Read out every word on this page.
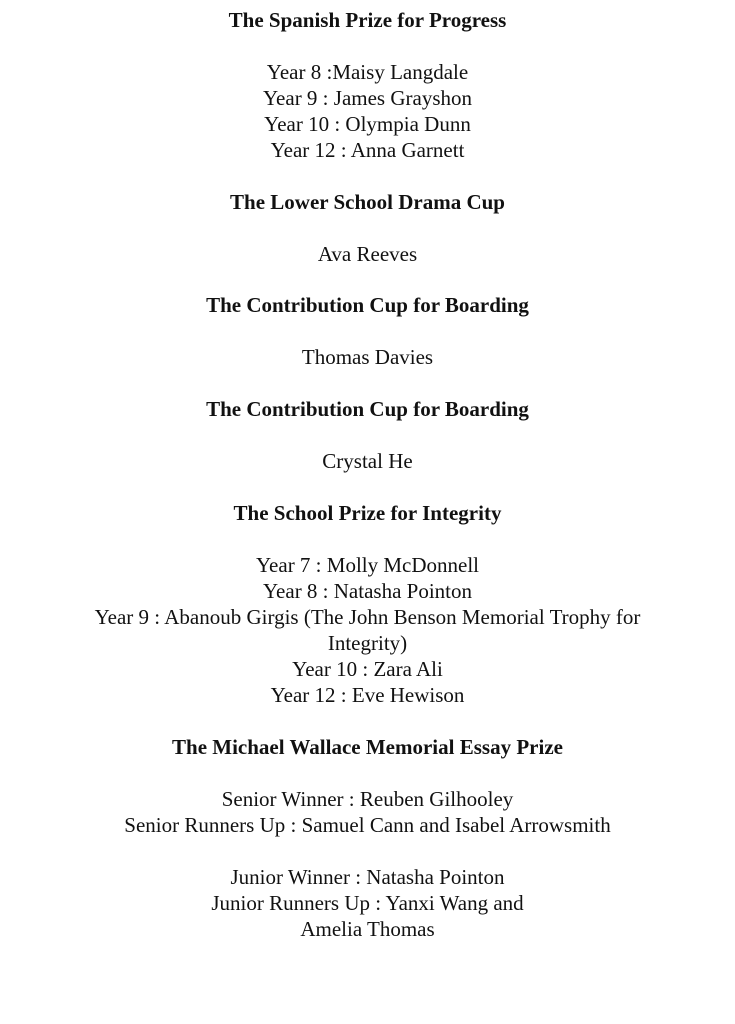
The Spanish Prize for Progress
Year 8 :Maisy Langdale
Year 9 : James Grayshon
Year 10 : Olympia Dunn
Year 12 : Anna Garnett
The Lower School Drama Cup
Ava Reeves
The Contribution Cup for Boarding
Thomas Davies
The Contribution Cup for Boarding
Crystal He
The School Prize for Integrity
Year 7 : Molly McDonnell
Year 8 : Natasha Pointon
Year 9 : Abanoub Girgis (The John Benson Memorial Trophy for
Integrity)
Year 10 : Zara Ali
Year 12 : Eve Hewison
The Michael Wallace Memorial Essay Prize
Senior Winner : Reuben Gilhooley
Senior Runners Up : Samuel Cann and Isabel Arrowsmith
Junior Winner : Natasha Pointon
Junior Runners Up : Yanxi Wang and
Amelia Thomas
